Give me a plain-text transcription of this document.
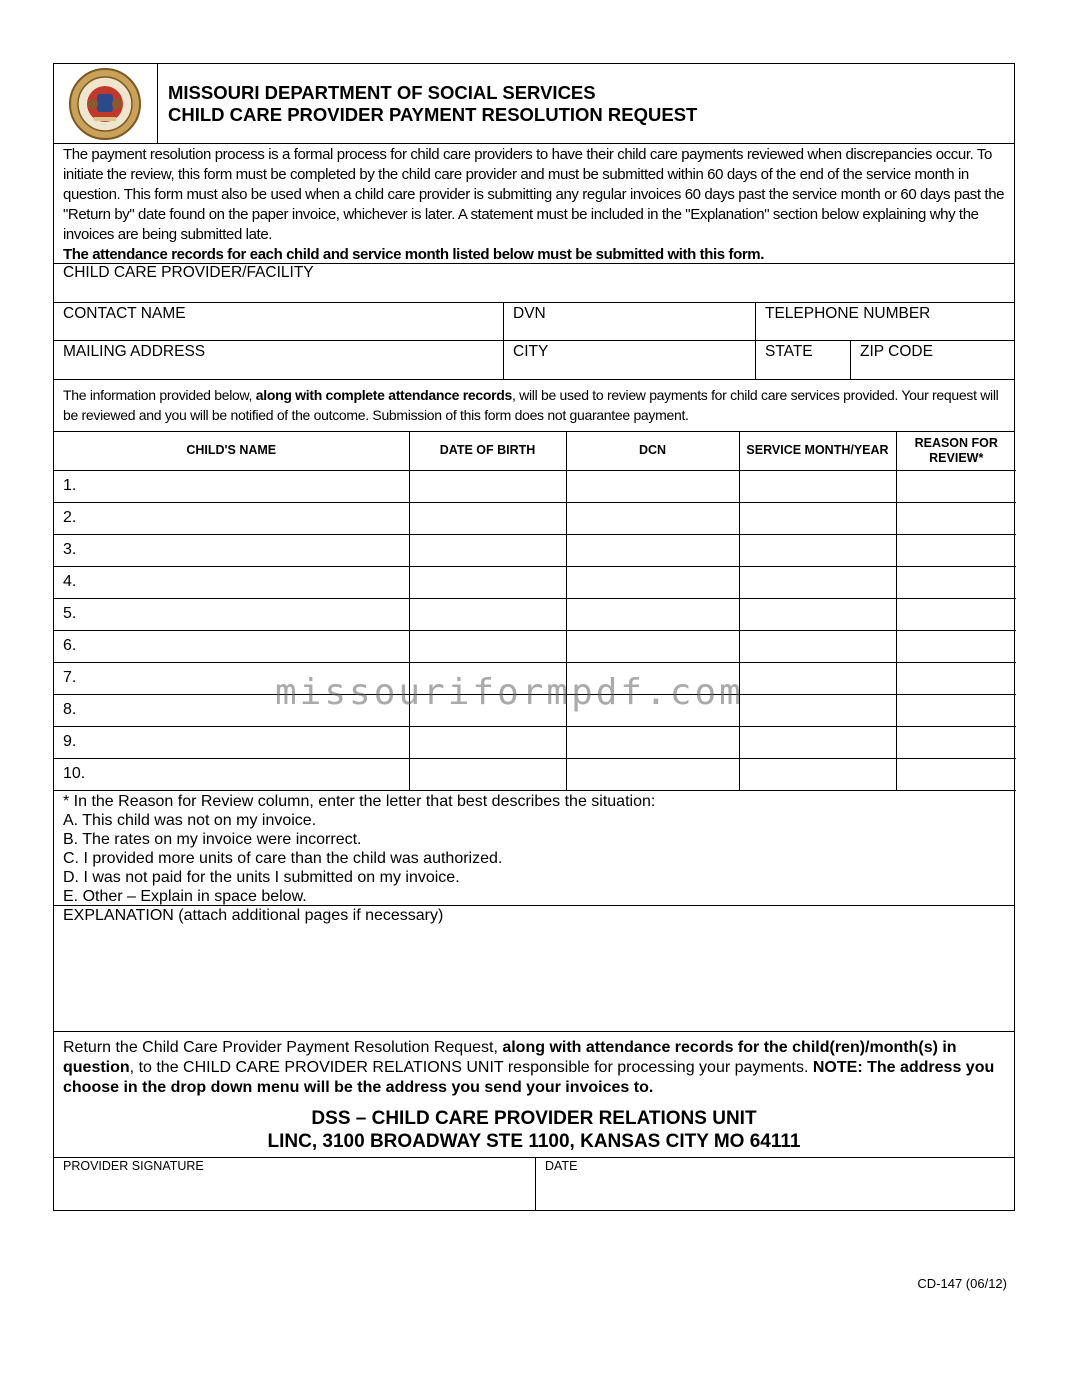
MISSOURI DEPARTMENT OF SOCIAL SERVICES
CHILD CARE PROVIDER PAYMENT RESOLUTION REQUEST
The payment resolution process is a formal process for child care providers to have their child care payments reviewed when discrepancies occur. To initiate the review, this form must be completed by the child care provider and must be submitted within 60 days of the end of the service month in question. This form must also be used when a child care provider is submitting any regular invoices 60 days past the service month or 60 days past the "Return by" date found on the paper invoice, whichever is later. A statement must be included in the "Explanation" section below explaining why the invoices are being submitted late.
The attendance records for each child and service month listed below must be submitted with this form.
CHILD CARE PROVIDER/FACILITY
CONTACT NAME	DVN	TELEPHONE NUMBER
MAILING ADDRESS	CITY	STATE	ZIP CODE
The information provided below, along with complete attendance records, will be used to review payments for child care services provided. Your request will be reviewed and you will be notified of the outcome. Submission of this form does not guarantee payment.
CHILD'S NAME	DATE OF BIRTH	DCN	SERVICE MONTH/YEAR	REASON FOR REVIEW*
1.				
2.				
3.				
4.				
5.				
6.				
7.				
8.				
9.				
10.				
* In the Reason for Review column, enter the letter that best describes the situation:
A. This child was not on my invoice.
B. The rates on my invoice were incorrect.
C. I provided more units of care than the child was authorized.
D. I was not paid for the units I submitted on my invoice.
E. Other – Explain in space below.
EXPLANATION (attach additional pages if necessary)
Return the Child Care Provider Payment Resolution Request, along with attendance records for the child(ren)/month(s) in question, to the CHILD CARE PROVIDER RELATIONS UNIT responsible for processing your payments. NOTE: The address you choose in the drop down menu will be the address you send your invoices to.
DSS – CHILD CARE PROVIDER RELATIONS UNIT
LINC, 3100 BROADWAY STE 1100, KANSAS CITY MO 64111
PROVIDER SIGNATURE	DATE
missouriformpdf.com
CD-147 (06/12)
